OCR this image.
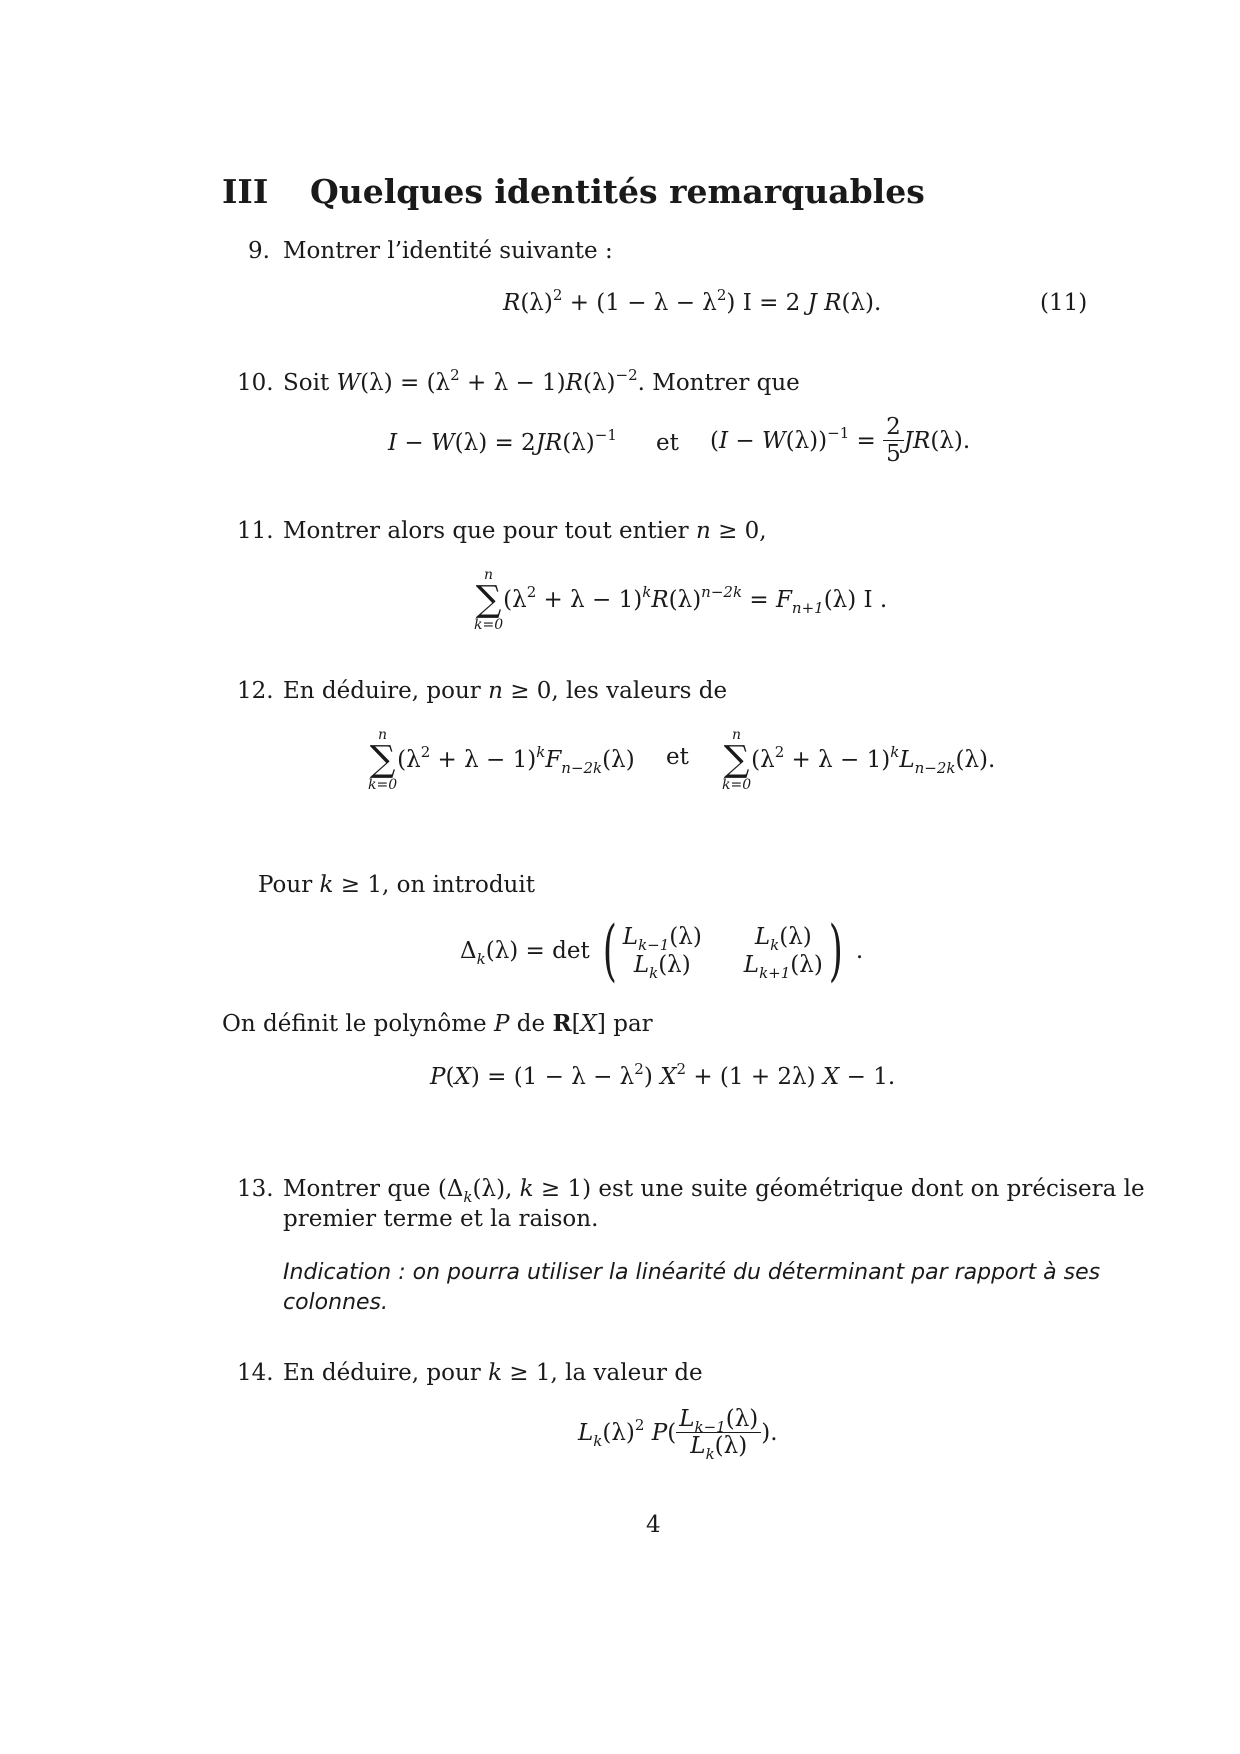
III Quelques identités remarquables
9. Montrer l’identité suivante :
$R(\lambda)^2 + (1 - \lambda - \lambda^2) I = 2$ J R(λ).	(11)
10. Soit $W(\lambda) = (\lambda^2 + \lambda - 1)R(\lambda)^{-2}$. Montrer que
$I - W(\lambda) = 2JR(\lambda)^{-1}$ et $(I - W(\lambda))^{-1} = \frac{2}{5} JR(\lambda)$.
11. Montrer alors que pour tout entier n ≥ 0,
n
∑
k=0
$(\lambda^2 + \lambda - 1)^kR(\lambda)^{n-2k} = F_{n+1}(\lambda)$ I .
12. En déduire, pour n ≥ 0, les valeurs de
n
∑
k=0
$(\lambda^2 + \lambda - 1)^kF_{n-2k}(\lambda)$ et
n
∑
k=0
$(\lambda^2 + \lambda - 1)^kL_{n-2k}(\lambda)$.
Pour k ≥ 1, on introduit
$\Delta_k(\lambda) = \det$ ( $L_{k-1}(\lambda)$	$L_k(\lambda)$
$L_k(\lambda)$	$L_{k+1}(\lambda)$ ) .
On définit le polynôme P de R[X] par
$P(X) = (1 - \lambda - \lambda^2)$ $X^2 + (1 + 2\lambda) X - 1$.
13. Montrer que ($\Delta_k(\lambda)$, k ≥ 1) est une suite géométrique dont on précisera le
premier terme et la raison.
Indication : on pourra utiliser la linéarité du déterminant par rapport à ses
colonnes.
14. En déduire, pour k ≥ 1, la valeur de
$L_k(\lambda)^2$ $P( \frac{L_{k-1}(\lambda)}{L_k(\lambda)}$ ).
4
